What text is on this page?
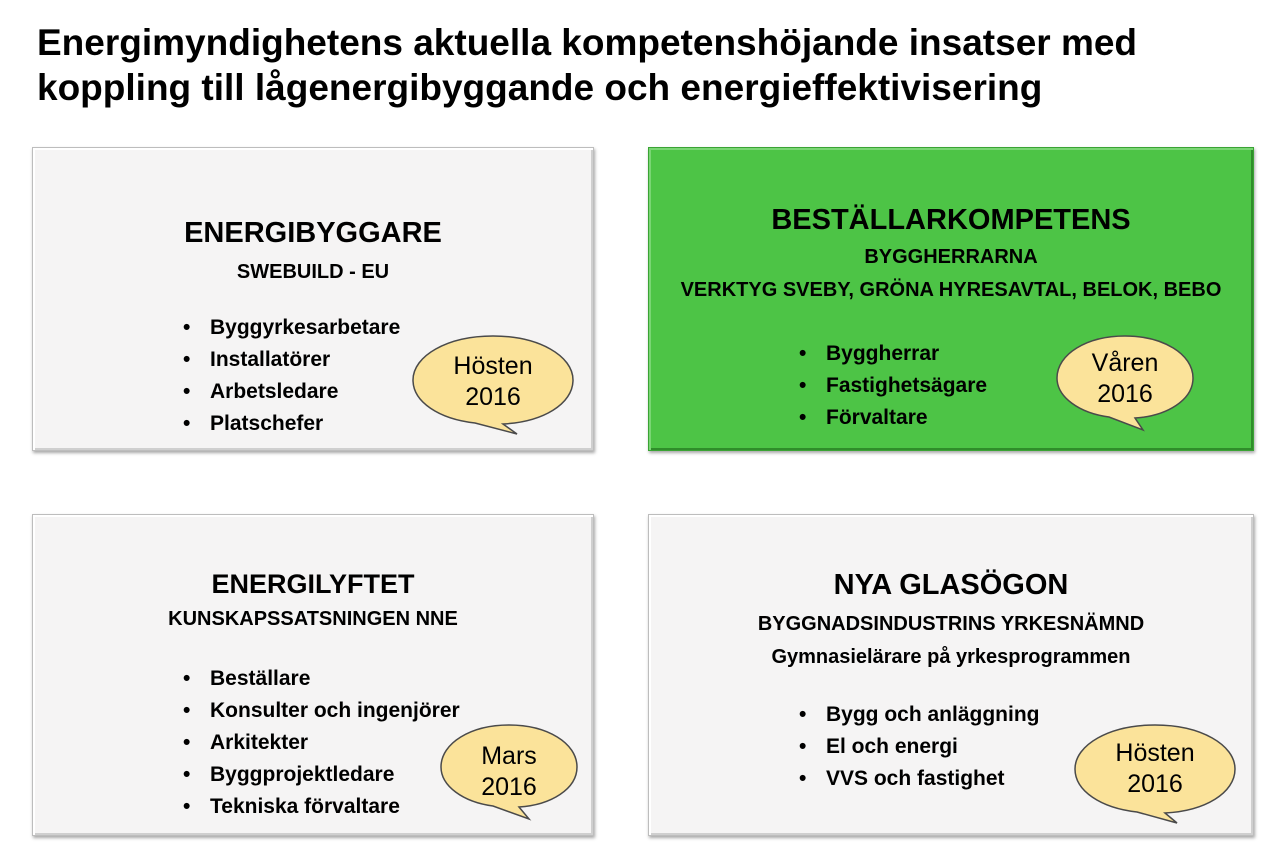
Energimyndighetens aktuella kompetenshöjande insatser med
koppling till lågenergibyggande och energieffektivisering
ENERGIBYGGARE
SWEBUILD - EU
• Byggyrkesarbetare
• Installatörer
• Arbetsledare
• Platschefer
Hösten
2016
BESTÄLLARKOMPETENS
BYGGHERRARNA
VERKTYG SVEBY, GRÖNA HYRESAVTAL, BELOK, BEBO
• Byggherrar
• Fastighetsägare
• Förvaltare
Våren
2016
ENERGILYFTET
KUNSKAPSSATSNINGEN NNE
• Beställare
• Konsulter och ingenjörer
• Arkitekter
• Byggprojektledare
• Tekniska förvaltare
Mars
2016
NYA GLASÖGON
BYGGNADSINDUSTRINS YRKESNÄMND
Gymnasielärare på yrkesprogrammen
• Bygg och anläggning
• El och energi
• VVS och fastighet
Hösten
2016
